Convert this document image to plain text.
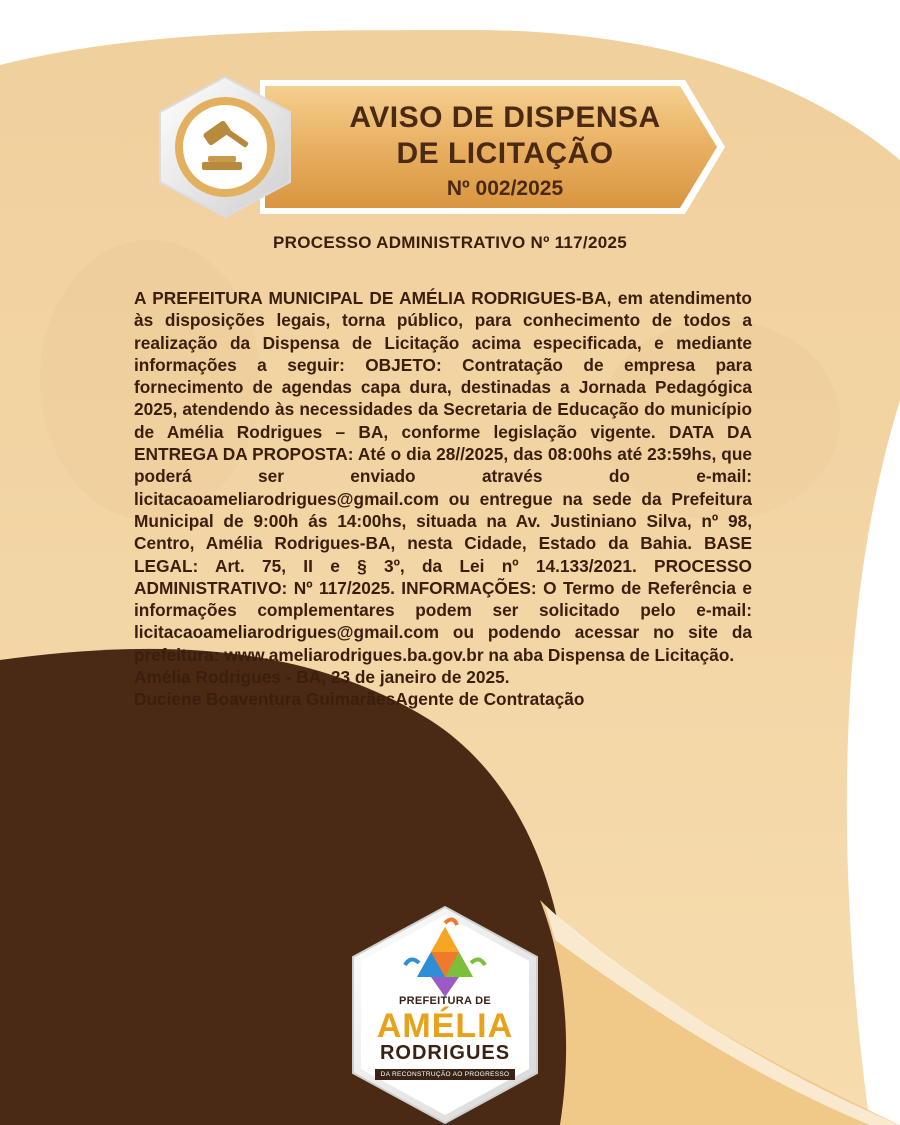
AVISO DE DISPENSA
DE LICITAÇÃO
Nº 002/2025
PROCESSO ADMINISTRATIVO Nº 117/2025

A PREFEITURA MUNICIPAL DE AMÉLIA RODRIGUES-BA, em atendimento às disposições legais, torna público, para conhecimento de todos a realização da Dispensa de Licitação acima especificada, e mediante informações a seguir: OBJETO: Contratação de empresa para fornecimento de agendas capa dura, destinadas a Jornada Pedagógica 2025, atendendo às necessidades da Secretaria de Educação do município de Amélia Rodrigues – BA, conforme legislação vigente. DATA DA ENTREGA DA PROPOSTA: Até o dia 28//2025, das 08:00hs até 23:59hs, que poderá ser enviado através do e-mail: licitacaoameliarodrigues@gmail.com ou entregue na sede da Prefeitura Municipal de 9:00h ás 14:00hs, situada na Av. Justiniano Silva, nº 98, Centro, Amélia Rodrigues-BA, nesta Cidade, Estado da Bahia. BASE LEGAL: Art. 75, II e § 3º, da Lei nº 14.133/2021. PROCESSO ADMINISTRATIVO: Nº 117/2025. INFORMAÇÕES: O Termo de Referência e informações complementares podem ser solicitado pelo e-mail: licitacaoameliarodrigues@gmail.com ou podendo acessar no site da prefeitura: www.ameliarodrigues.ba.gov.br na aba Dispensa de Licitação.

Amélia Rodrigues - BA, 23 de janeiro de 2025.

Duciene Boaventura GuimarãesAgente de Contratação

PREFEITURA DE
AMÉLIA
RODRIGUES
DA RECONSTRUÇÃO AO PROGRESSO
